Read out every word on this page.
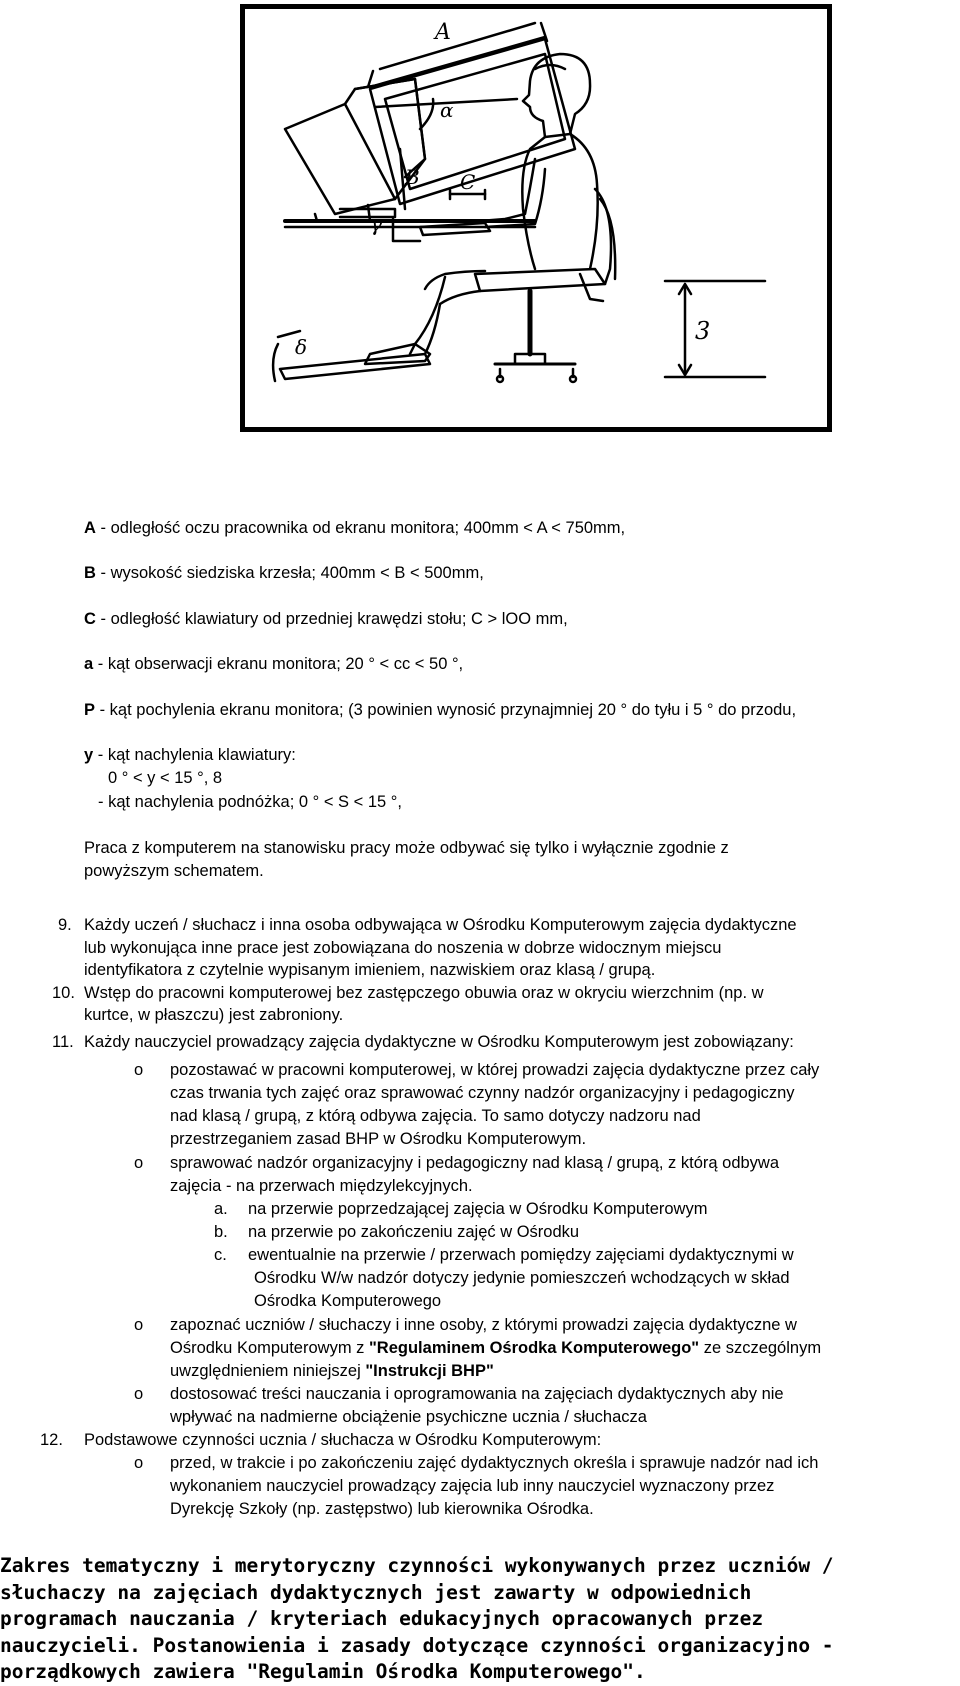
A
α
B C
γ
δ
3
A - odległość oczu pracownika od ekranu monitora; 400mm < A < 750mm,
B - wysokość siedziska krzesła; 400mm < B < 500mm,
C - odległość klawiatury od przedniej krawędzi stołu; C > lOO mm,
a - kąt obserwacji ekranu monitora; 20 ° < cc < 50 °,
P - kąt pochylenia ekranu monitora; (3 powinien wynosić przynajmniej 20 ° do tyłu i 5 ° do przodu,
y - kąt nachylenia klawiatury:
0 ° < y < 15 °, 8
- kąt nachylenia podnóżka; 0 ° < S < 15 °,
Praca z komputerem na stanowisku pracy może odbywać się tylko i wyłącznie zgodnie z
powyższym schematem.
9. Każdy uczeń / słuchacz i inna osoba odbywająca w Ośrodku Komputerowym zajęcia dydaktyczne
lub wykonująca inne prace jest zobowiązana do noszenia w dobrze widocznym miejscu
identyfikatora z czytelnie wypisanym imieniem, nazwiskiem oraz klasą / grupą.
10. Wstęp do pracowni komputerowej bez zastępczego obuwia oraz w okryciu wierzchnim (np. w
kurtce, w płaszczu) jest zabroniony.
11. Każdy nauczyciel prowadzący zajęcia dydaktyczne w Ośrodku Komputerowym jest zobowiązany:
o pozostawać w pracowni komputerowej, w której prowadzi zajęcia dydaktyczne przez cały
czas trwania tych zajęć oraz sprawować czynny nadzór organizacyjny i pedagogiczny
nad klasą / grupą, z którą odbywa zajęcia. To samo dotyczy nadzoru nad
przestrzeganiem zasad BHP w Ośrodku Komputerowym.
o sprawować nadzór organizacyjny i pedagogiczny nad klasą / grupą, z którą odbywa
zajęcia - na przerwach międzylekcyjnych.
a. na przerwie poprzedzającej zajęcia w Ośrodku Komputerowym
b. na przerwie po zakończeniu zajęć w Ośrodku
c. ewentualnie na przerwie / przerwach pomiędzy zajęciami dydaktycznymi w
Ośrodku W/w nadzór dotyczy jedynie pomieszczeń wchodzących w skład
Ośrodka Komputerowego
o zapoznać uczniów / słuchaczy i inne osoby, z którymi prowadzi zajęcia dydaktyczne w
Ośrodku Komputerowym z "Regulaminem Ośrodka Komputerowego" ze szczególnym
uwzględnieniem niniejszej "Instrukcji BHP"
o dostosować treści nauczania i oprogramowania na zajęciach dydaktycznych aby nie
wpływać na nadmierne obciążenie psychiczne ucznia / słuchacza
12. Podstawowe czynności ucznia / słuchacza w Ośrodku Komputerowym:
o przed, w trakcie i po zakończeniu zajęć dydaktycznych określa i sprawuje nadzór nad ich
wykonaniem nauczyciel prowadzący zajęcia lub inny nauczyciel wyznaczony przez
Dyrekcję Szkoły (np. zastępstwo) lub kierownika Ośrodka.
Zakres tematyczny i merytoryczny czynności wykonywanych przez uczniów /
słuchaczy na zajęciach dydaktycznych jest zawarty w odpowiednich
programach nauczania / kryteriach edukacyjnych opracowanych przez
nauczycieli. Postanowienia i zasady dotyczące czynności organizacyjno -
porządkowych zawiera "Regulamin Ośrodka Komputerowego".
